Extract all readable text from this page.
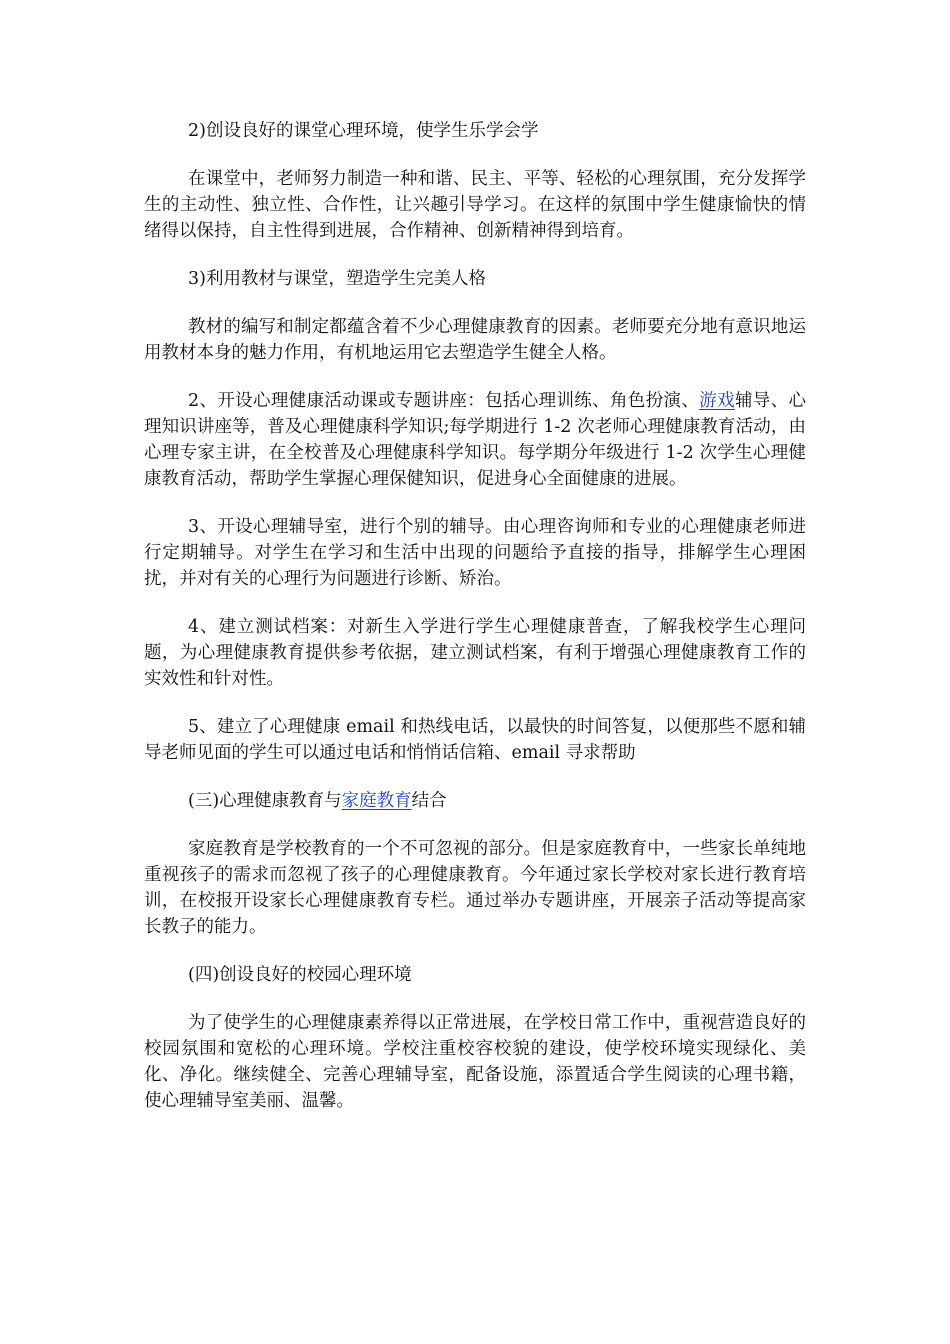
2)创设良好的课堂心理环境，使学生乐学会学

在课堂中，老师努力制造一种和谐、民主、平等、轻松的心理氛围，充分发挥学生的主动性、独立性、合作性，让兴趣引导学习。在这样的氛围中学生健康愉快的情绪得以保持，自主性得到进展，合作精神、创新精神得到培育。

3)利用教材与课堂，塑造学生完美人格

教材的编写和制定都蕴含着不少心理健康教育的因素。老师要充分地有意识地运用教材本身的魅力作用，有机地运用它去塑造学生健全人格。

2、开设心理健康活动课或专题讲座：包括心理训练、角色扮演、游戏辅导、心理知识讲座等，普及心理健康科学知识;每学期进行 1-2 次老师心理健康教育活动，由心理专家主讲，在全校普及心理健康科学知识。每学期分年级进行 1-2 次学生心理健康教育活动，帮助学生掌握心理保健知识，促进身心全面健康的进展。

3、开设心理辅导室，进行个别的辅导。由心理咨询师和专业的心理健康老师进行定期辅导。对学生在学习和生活中出现的问题给予直接的指导，排解学生心理困扰，并对有关的心理行为问题进行诊断、矫治。

4、建立测试档案：对新生入学进行学生心理健康普查，了解我校学生心理问题，为心理健康教育提供参考依据，建立测试档案，有利于增强心理健康教育工作的实效性和针对性。

5、建立了心理健康 email 和热线电话，以最快的时间答复，以便那些不愿和辅导老师见面的学生可以通过电话和悄悄话信箱、email 寻求帮助

(三)心理健康教育与家庭教育结合

家庭教育是学校教育的一个不可忽视的部分。但是家庭教育中，一些家长单纯地重视孩子的需求而忽视了孩子的心理健康教育。今年通过家长学校对家长进行教育培训，在校报开设家长心理健康教育专栏。通过举办专题讲座，开展亲子活动等提高家长教子的能力。

(四)创设良好的校园心理环境

为了使学生的心理健康素养得以正常进展，在学校日常工作中，重视营造良好的校园氛围和宽松的心理环境。学校注重校容校貌的建设，使学校环境实现绿化、美化、净化。继续健全、完善心理辅导室，配备设施，添置适合学生阅读的心理书籍，使心理辅导室美丽、温馨。
